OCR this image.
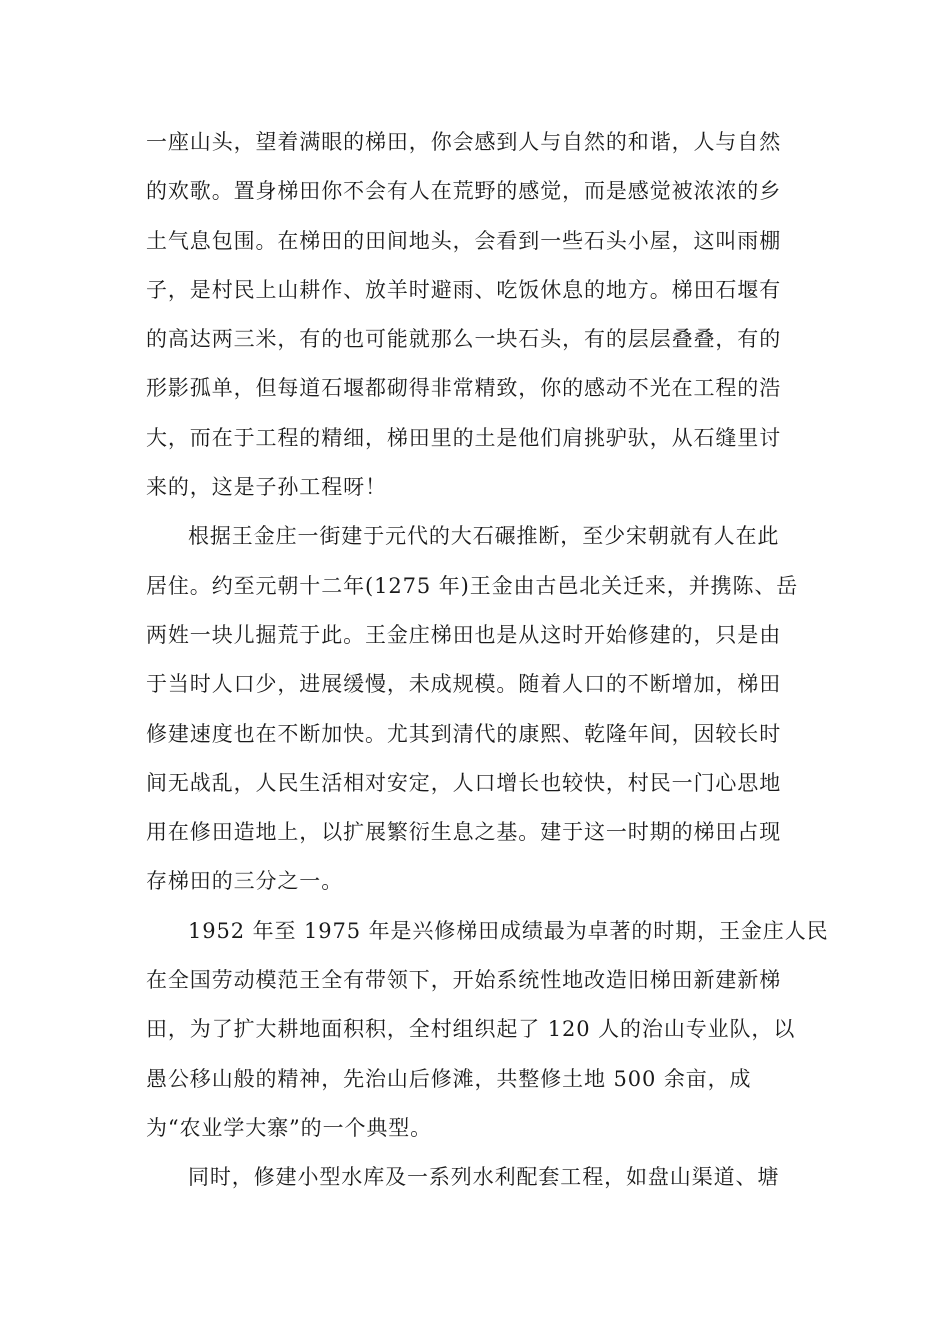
一座山头，望着满眼的梯田，你会感到人与自然的和谐，人与自然
的欢歌。置身梯田你不会有人在荒野的感觉，而是感觉被浓浓的乡
土气息包围。在梯田的田间地头，会看到一些石头小屋，这叫雨棚
子，是村民上山耕作、放羊时避雨、吃饭休息的地方。梯田石堰有
的高达两三米，有的也可能就那么一块石头，有的层层叠叠，有的
形影孤单，但每道石堰都砌得非常精致，你的感动不光在工程的浩
大，而在于工程的精细，梯田里的土是他们肩挑驴驮，从石缝里讨
来的，这是子孙工程呀！
根据王金庄一街建于元代的大石碾推断，至少宋朝就有人在此
居住。约至元朝十二年(1275 年)王金由古邑北关迁来，并携陈、岳
两姓一块儿掘荒于此。王金庄梯田也是从这时开始修建的，只是由
于当时人口少，进展缓慢，未成规模。随着人口的不断增加，梯田
修建速度也在不断加快。尤其到清代的康熙、乾隆年间，因较长时
间无战乱，人民生活相对安定，人口增长也较快，村民一门心思地
用在修田造地上，以扩展繁衍生息之基。建于这一时期的梯田占现
存梯田的三分之一。
1952 年至 1975 年是兴修梯田成绩最为卓著的时期，王金庄人民
在全国劳动模范王全有带领下，开始系统性地改造旧梯田新建新梯
田，为了扩大耕地面积积，全村组织起了 120 人的治山专业队，以
愚公移山般的精神，先治山后修滩，共整修土地 500 余亩，成
为“农业学大寨”的一个典型。
同时，修建小型水库及一系列水利配套工程，如盘山渠道、塘
